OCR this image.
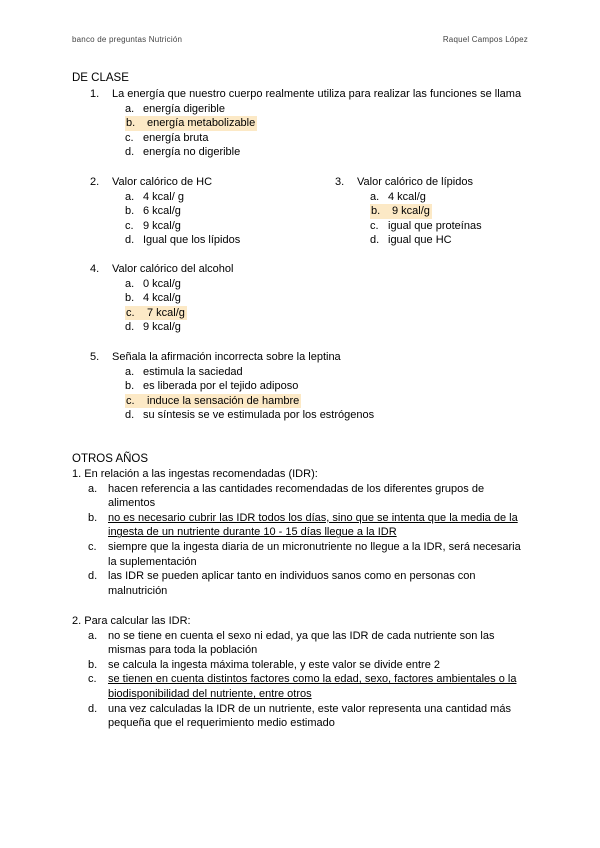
banco de preguntas Nutrición	Raquel Campos López
DE CLASE
1.	La energía que nuestro cuerpo realmente utiliza para realizar las funciones se llama
a. energía digerible
b.	energía metabolizable
c. energía bruta
d. energía no digerible
2.	Valor calórico de HC
a. 4 kcal/ g
b. 6 kcal/g
c. 9 kcal/g
d. Igual que los lípidos
3.	Valor calórico de lípidos
a. 4 kcal/g
b.	9 kcal/g
c. igual que proteínas
d. igual que HC
4.	Valor calórico del alcohol
a. 0 kcal/g
b. 4 kcal/g
c.	7 kcal/g
d. 9 kcal/g
5.	Señala la afirmación incorrecta sobre la leptina
a. estimula la saciedad
b. es liberada por el tejido adiposo
c.	induce la sensación de hambre
d. su síntesis se ve estimulada por los estrógenos
OTROS AÑOS
1. En relación a las ingestas recomendadas (IDR):
a. hacen referencia a las cantidades recomendadas de los diferentes grupos de alimentos
b. no es necesario cubrir las IDR todos los días, sino que se intenta que la media de la ingesta de un nutriente durante 10 - 15 días llegue a la IDR
c.	siempre que la ingesta diaria de un micronutriente no llegue a la IDR, será necesaria la suplementación
d. las IDR se pueden aplicar tanto en individuos sanos como en personas con malnutrición
2. Para calcular las IDR:
a. no se tiene en cuenta el sexo ni edad, ya que las IDR de cada nutriente son las mismas para toda la población
b. se calcula la ingesta máxima tolerable, y este valor se divide entre 2
c.	se tienen en cuenta distintos factores como la edad, sexo, factores ambientales o la biodisponibilidad del nutriente, entre otros
d. una vez calculadas la IDR de un nutriente, este valor representa una cantidad más pequeña que el requerimiento medio estimado
